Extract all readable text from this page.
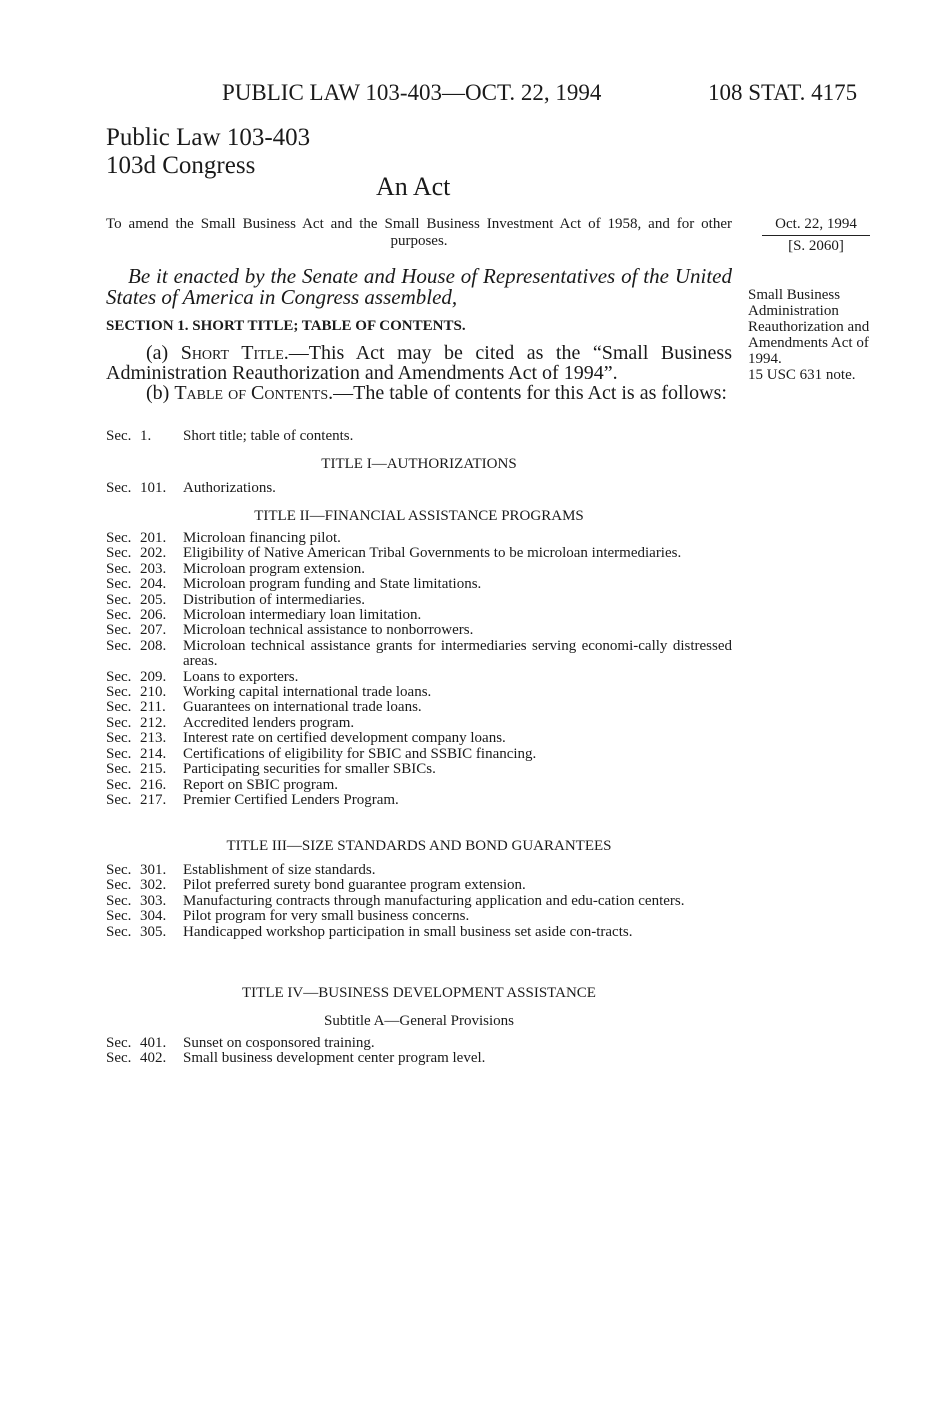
PUBLIC LAW 103-403—OCT. 22, 1994	108 STAT. 4175
Public Law 103-403
103d Congress
An Act
To amend the Small Business Act and the Small Business Investment Act of 1958, and for other purposes.
Oct. 22, 1994
[S. 2060]
Be it enacted by the Senate and House of Representatives of the United States of America in Congress assembled,	Small Business Administration Reauthorization and Amendments Act of 1994.
15 USC 631 note.
SECTION 1. SHORT TITLE; TABLE OF CONTENTS.
(a) Short Title.—This Act may be cited as the “Small Business Administration Reauthorization and Amendments Act of 1994”.
(b) Table of Contents.—The table of contents for this Act is as follows:
Sec. 1.	Short title; table of contents.
TITLE I—AUTHORIZATIONS
Sec. 101.	Authorizations.
TITLE II—FINANCIAL ASSISTANCE PROGRAMS
Sec. 201.	Microloan financing pilot.
Sec. 202.	Eligibility of Native American Tribal Governments to be microloan intermediaries.
Sec. 203.	Microloan program extension.
Sec. 204.	Microloan program funding and State limitations.
Sec. 205.	Distribution of intermediaries.
Sec. 206.	Microloan intermediary loan limitation.
Sec. 207.	Microloan technical assistance to nonborrowers.
Sec. 208.	Microloan technical assistance grants for intermediaries serving economi-cally distressed areas.
Sec. 209.	Loans to exporters.
Sec. 210.	Working capital international trade loans.
Sec. 211.	Guarantees on international trade loans.
Sec. 212.	Accredited lenders program.
Sec. 213.	Interest rate on certified development company loans.
Sec. 214.	Certifications of eligibility for SBIC and SSBIC financing.
Sec. 215.	Participating securities for smaller SBICs.
Sec. 216.	Report on SBIC program.
Sec. 217.	Premier Certified Lenders Program.
TITLE III—SIZE STANDARDS AND BOND GUARANTEES
Sec. 301.	Establishment of size standards.
Sec. 302.	Pilot preferred surety bond guarantee program extension.
Sec. 303.	Manufacturing contracts through manufacturing application and edu-cation centers.
Sec. 304.	Pilot program for very small business concerns.
Sec. 305.	Handicapped workshop participation in small business set aside con-tracts.
TITLE IV—BUSINESS DEVELOPMENT ASSISTANCE
Subtitle A—General Provisions
Sec. 401.	Sunset on cosponsored training.
Sec. 402.	Small business development center program level.
